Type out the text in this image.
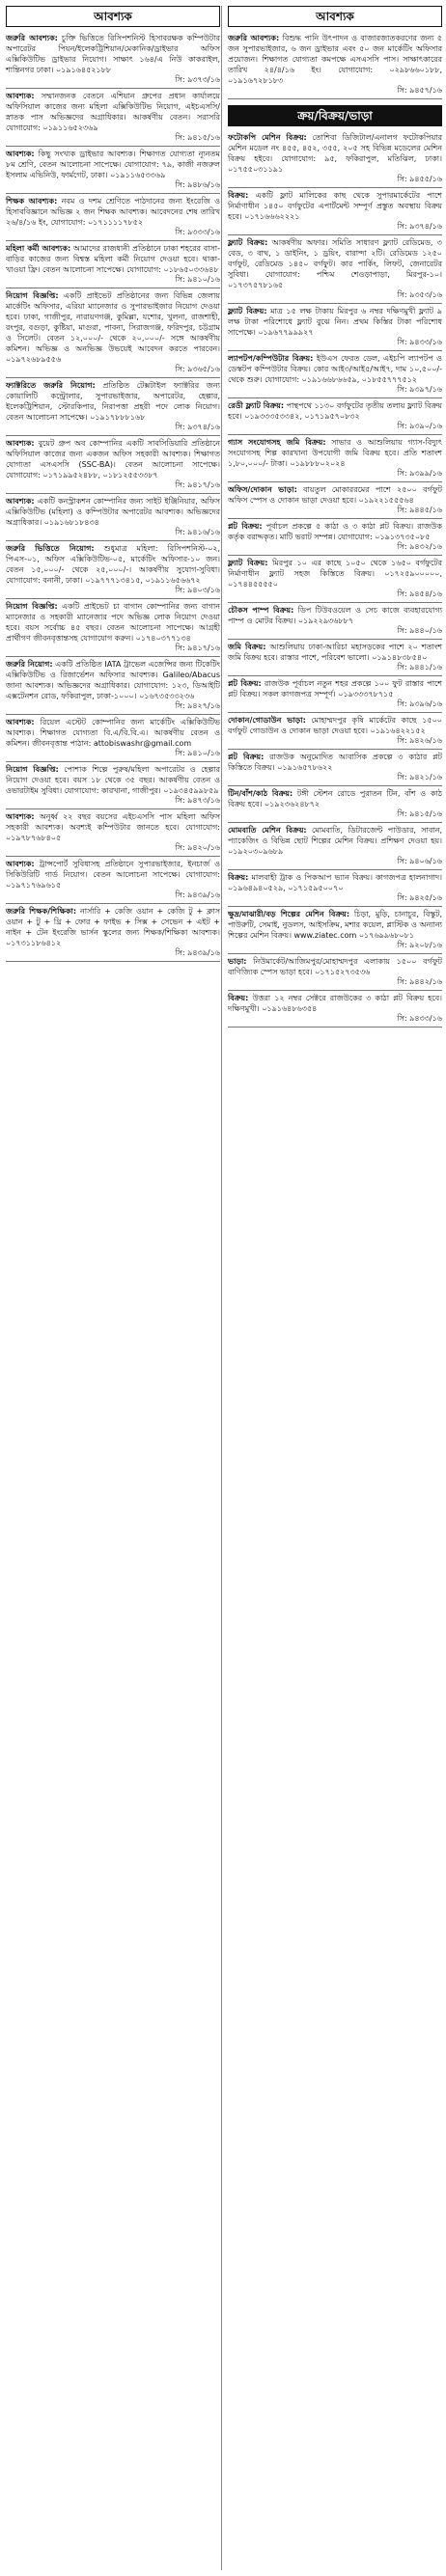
আবশ্যক
জরুরি আবশ্যক: চুক্তি ভিত্তিতে রিসিপশনিস্ট হিসাবরক্ষক কম্পিউটার অপারেটর পিয়ন/ইলেকট্রিশিয়ান/মেকানিক/ড্রাইভার অফিস এক্সিকিউটিভ ড্রাইভার নিয়োগ। সাক্ষাৎ ১৬৪/এ নিউ কাকরাইল, শান্তিনগর ঢাকা। ০১৯১৬৪৫২১৮৮
সি: ৯৩৭৩/১৬
আবশ্যক: সম্মানজনক বেতনে এশিয়ান গ্রুপের প্রধান কার্যালয়ে অফিসিয়াল কাজের জন্য মহিলা এক্সিকিউটিভ নিয়োগ, এইচএসসি/স্নাতক পাস অভিজ্ঞদের অগ্রাধিকার। আকর্ষণীয় বেতন। সরাসরি যোগাযোগ: ০১৯১১৬৫২৩৬৯
সি: ৯৪১৫/১৬
আবশ্যক: কিছু সংখ্যক ড্রাইভার আবশ্যক। শিক্ষাগত যোগ্যতা ন্যূনতম ৮ম শ্রেণি, বেতন আলোচনা সাপেক্ষে। যোগাযোগ: ৭৯, কাজী নজরুল ইসলাম এভিনিউ, ফার্মগেট, ঢাকা। ০১৯১১৬৫৩৩৬৯
সি: ৯৪৮৬/১৬
শিক্ষক আবশ্যক: নবম ও দশম শ্রেণিতে পাঠদানের জন্য ইংরেজি ও হিসাববিজ্ঞানে অভিজ্ঞ ২ জন শিক্ষক আবশ্যক। আবেদনের শেষ তারিখ ২৬/৪/১৬ ইং, যোগাযোগ: ০১৭১১১১৭৮৫২
সি: ৯৩৩৩/১৬
মহিলা কর্মী আবশ্যক: আমাদের রাজধানী প্রতিষ্ঠানে ঢাকা শহরের বাসা-বাড়ির কাজের জন্য বিশ্বস্ত মহিলা কর্মী নিয়োগ দেওয়া হবে। থাকা-খাওয়া ফ্রি। বেতন আলোচনা সাপেক্ষে। যোগাযোগ: ০১৮৬৫০৩৩৬৪৮
সি: ৯৪১০/১৬
নিয়োগ বিজ্ঞপ্তি: একটি প্রাইভেট প্রতিষ্ঠানের জন্য বিভিন্ন জেলায় মার্কেটিং অফিসার, এরিয়া ম্যানেজার ও সুপারভাইজার নিয়োগ দেওয়া হবে। ঢাকা, গাজীপুর, নারায়ণগঞ্জ, কুমিল্লা, যশোর, খুলনা, রাজশাহী, রংপুর, বগুড়া, কুষ্টিয়া, মাগুরা, পাবনা, সিরাজগঞ্জ, ফরিদপুর, চট্টগ্রাম ও সিলেট। বেতন ১২,০০০/- থেকে ২০,০০০/- সঙ্গে আকর্ষণীয় কমিশন। অভিজ্ঞ ও অনভিজ্ঞ উভয়েই আবেদন করতে পারবেন। ০১৯৭২৬৮৯৫৫৬
সি: ৯৩৬৫/১৬
ফ্যাক্টরিতে জরুরি নিয়োগ: প্রতিষ্ঠিত টেক্সটাইল ফ্যাক্টরির জন্য কোয়ালিটি কন্ট্রোলার, সুপারভাইজার, অপারেটর, হেল্পার, ইলেকট্রিশিয়ান, স্টোরকিপার, নিরাপত্তা প্রহরী পদে লোক নিয়োগ। বেতন আলোচনা সাপেক্ষে। ০১৯১৭৮৮৮১৬৮
সি: ৯৩৭৪/১৬
আবশ্যক: বুয়েট গ্রুপ অব কোম্পানির একটি সাবসিডিয়ারি প্রতিষ্ঠানে অফিসিয়াল কাজের জন্য একজন অফিস সহকারী আবশ্যক। শিক্ষাগত যোগ্যতা এসএসসি (SSC-BA)। বেতন আলোচনা সাপেক্ষে। যোগাযোগ: ০১৭১৯৯৫২৪৮৮, ০১৮১২৫৫৩৩৮৭
সি: ৯৪১৭/১৬
আবশ্যক: একটি কনস্ট্রাকশন কোম্পানির জন্য সাইট ইঞ্জিনিয়ার, অফিস এক্সিকিউটিভ (মহিলা) ও কম্পিউটার অপারেটর আবশ্যক। অভিজ্ঞদের অগ্রাধিকার। ০১৯১৬৮১৮৪৩৪
সি: ৯৪১৬/১৬
জরুরি ভিত্তিতে নিয়োগ: শুধুমাত্র মহিলা: রিসিপশনিস্ট-০২, পিএস-০১, অফিস এক্সিকিউটিভ-০৫, মার্কেটিং অফিসার-১০ জন। বেতন ১৫,০০০/- থেকে ২৫,০০০/-। আকর্ষণীয় সুযোগ-সুবিধা। যোগাযোগ: বনানী, ঢাকা। ০১৯৭৭৭১৩৪১৫, ০১৯১১৬৫৬৬৭২
সি: ৯৪০৩/১৬
নিয়োগ বিজ্ঞপ্তি: একটি প্রাইভেট চা বাগান কোম্পানির জন্য বাগান ম্যানেজার ও সহকারী ম্যানেজার পদে অভিজ্ঞ লোক নিয়োগ দেওয়া হবে। বয়স সর্বোচ্চ ৪৫ বছর। বেতন আলোচনা সাপেক্ষে। আগ্রহী প্রার্থীগণ জীবনবৃত্তান্তসহ যোগাযোগ করুন। ০১৭৪০৩৭৭১৩৪
সি: ৯৪১৭/১৬
জরুরি নিয়োগ: একটি প্রতিষ্ঠিত IATA ট্রাভেল এজেন্সির জন্য টিকেটিং এক্সিকিউটিভ ও রিজার্ভেশন অফিসার আবশ্যক। Galileo/Abacus জানা আবশ্যক। অভিজ্ঞদের অগ্রাধিকার। যোগাযোগ: ১২৩, ডিআইটি এক্সটেনশন রোড, ফকিরাপুল, ঢাকা-১০০০। ০১৬৭৩৫৩৩২৩৬
সি: ৯৪২৭/১৬
আবশ্যক: রিয়েল এস্টেট কোম্পানির জন্য মার্কেটিং এক্সিকিউটিভ আবশ্যক। শিক্ষাগত যোগ্যতা বি.এ/বি.বি.এ। আকর্ষণীয় বেতন ও কমিশন। জীবনবৃত্তান্ত পাঠান: attobiswashr@gmail.com
সি: ৯৪১০/১৬
নিয়োগ বিজ্ঞপ্তি: পোশাক শিল্পে পুরুষ/মহিলা অপারেটর ও হেল্পার নিয়োগ দেওয়া হবে। বয়স ১৮ থেকে ৩৫ বছর। আকর্ষণীয় বেতন ও ওভারটাইম সুবিধা। যোগাযোগ: কারখানা, গাজীপুর। ০১৯৩৪৫৯৯৮৫৯
সি: ৯৪৭৩/১৬
আবশ্যক: অনূর্ধ্ব ২২ বছর বয়সের এইচএসসি পাস মহিলা অফিস সহকারী আবশ্যক। অবশ্যই কম্পিউটার জানতে হবে। যোগাযোগ: ০১৯৭৮৭৬৮৪০৫
সি: ৯৪২০/১৬
আবশ্যক: ট্রান্সপোর্ট সুবিধাসহ প্রতিষ্ঠানে সুপারভাইজার, ইনচার্জ ও সিকিউরিটি গার্ড নিয়োগ। বেতন আলোচনা সাপেক্ষে। যোগাযোগ: ০১৯৭১৭৬৯৬১৫
সি: ৯৪৩৯/১৬
জরুরি শিক্ষক/শিক্ষিকা: নার্সারি + কেজি ওয়ান + কেজি টু + ক্লাস ওয়ান + টু + থ্রি + ফোর + ফাইভ + সিক্স + সেভেন + এইট + নাইন + টেন ইংরেজি ভার্সন স্কুলের জন্য শিক্ষক/শিক্ষিকা আবশ্যক। ০১৭৩১১৮৬৪১২
সি: ৯৪৩৯/১৬
আবশ্যক
জরুরি আবশ্যক: বিশুদ্ধ পানি উৎপাদন ও বাজারজাতকরণের জন্য ৫ জন সুপারভাইজার, ৬ জন ড্রাইভার এবং ৫০ জন মার্কেটিং অফিসার প্রয়োজন। শিক্ষাগত যোগ্যতা কমপক্ষে এসএসসি পাস। সাক্ষাৎকারের তারিখ ২৪/৪/১৬ ইং। যোগাযোগ: ০২৯৮৬৬০১৮৮, ০১৯১৬৭২৮১৮৩
সি: ৯৪৫৭/১৬
ক্রয়/বিক্রয়/ভাড়া
ফটোকপি মেশিন বিক্রয়: তোশিবা ডিজিটাল/এনালগ ফটোকপিয়ার মেশিন মডেল নং ৪৫৫, ৪৫২, ৩৫৫, ২০৫ সহ বিভিন্ন মডেলের মেশিন বিক্রয় হইবে। যোগাযোগ: ৯৫, ফকিরাপুল, মতিঝিল, ঢাকা। ০১৭৫৫০৩১১৯১
সি: ৯৪৫৫/১৬
বিক্রয়: একটি ফ্লাট মালিকের কাছ থেকে সুপারমার্কেটের পাশে নির্মাণাধীন ১৪৫০ বর্গফুটের এপার্টমেন্ট সম্পূর্ণ প্রস্তুত অবস্থায় বিক্রয় হবে। ০১৭১৬৬৬২২২১
সি: ৯৩৭৪/১৬
ফ্ল্যাট বিক্রয়: আকর্ষণীয় অফার। সমিতি সাধারণ ফ্ল্যাট রেডিমেড, ৩ বেড, ৩ বাথ, ১ ডাইনিং, ১ ড্রয়িং, বারান্দা ২টি। রেডিমেড ১২৫০ বর্গফুট, রেডিমেড ১৪৫০ বর্গফুট। কার পার্কিং, লিফট, জেনারেটর সুবিধা। যোগাযোগ: পশ্চিম শেওড়াপাড়া, মিরপুর-১০। ০১৭৩৭৫৭৮১৬৫
সি: ৯৩৫৩/১৬
ফ্ল্যাট বিক্রয়: মাত্র ১৫ লক্ষ টাকায় মিরপুর ৬ নম্বর দক্ষিণমুখী ফ্ল্যাট ৯ লক্ষ টাকা পরিশোধে ফ্ল্যাট বুঝে নিন। প্রথম কিস্তির টাকা পরিশোধ সাপেক্ষে। ০১৯৬৭৭৯৯৯২৭
সি: ৯৪৩৩/১৬
ল্যাপটপ/কম্পিউটার বিক্রয়: ইউএস ফেরত ডেল, এইচপি ল্যাপটপ ও ডেস্কটপ কম্পিউটার বিক্রয়। কোর আই৩/আই৫/আই৭, দাম ১০,৫০০/- থেকে শুরু। যোগাযোগ: ০১৯১৬৬৮৬৬৫৯, ০১৮৫৫৭৭৭৫১২
সি: ৯৩৯৭/১৬
রেডী ফ্ল্যাট বিক্রয়: পান্থপথে ১১৩০ বর্গফুটের তৃতীয় তলায় ফ্ল্যাট বিক্রয় হবে। ০১৯৩৩৩৫৩৩৪২, ০১৭১৯৫৭০৮৩২
সি: ৯৩৯০/১৬
গ্যাস সংযোগসহ জমি বিক্রয়: সাভার ও আশুলিয়ায় গ্যাস-বিদ্যুৎ সংযোগসহ শিল্প কারখানা উপযোগী জমি বিক্রয় হবে। প্রতি শতাংশ ১,৮০,০০০/- টাকা। ০১৯৮৮৮০২০২৪
সি: ৯৩৯৯/১৬
অফিস/দোকান ভাড়া: বায়তুল মোকাররমের পাশে ২৫০০ বর্গফুট অফিস স্পেস ও দোকান ভাড়া দেওয়া হবে। ০১৯২২১৫৫৫৬৪
সি: ৯৪৪৫/১৬
প্লট বিক্রয়: পূর্বাচল প্রকল্পে ৫ কাঠা ও ৩ কাঠা প্লট বিক্রয়। রাজউক কর্তৃক বরাদ্দকৃত। মাটি ভরাট সম্পন্ন। যোগাযোগ: ০১৯১৩৭৩৫০৮৫
সি: ৯৪৩২/১৬
ফ্ল্যাট বিক্রয়: মিরপুর ১০ এর কাছে ১০৫০ থেকে ১৬৫০ বর্গফুটের নির্মাণাধীন ফ্ল্যাট সহজ কিস্তিতে বিক্রয়। ০১৭২৫৯০০০০০, ০১৭৪৪৫৫৫৫০
সি: ৯৪৫৪/১৬
চৌকস পাম্প বিক্রয়: ডিপ টিউবওয়েল ও সেচ কাজে ব্যবহারযোগ্য পাম্প ও মোটর বিক্রয়। ০১৯২২৯৩৬৮৮৭
সি: ৯৪৪০/১৬
জমি বিক্রয়: আশুলিয়ায় ঢাকা-আরিচা মহাসড়কের পাশে ২০ শতাংশ জমি বিক্রয় হবে। রাস্তার পাশে, পরিবেশ ভালো। ০১৯১৪৮৩৮৫৪০
সি: ৯৪৪১/১৬
প্লট বিক্রয়: রাজউক পূর্বাচল নতুন শহর প্রকল্পে ১০০ ফুট রাস্তার পাশে প্লট বিক্রয়। সকল কাগজপত্র সম্পূর্ণ। ০১৯৩৩৩৭৮৭১৫
সি: ৯৩৯৬/১৬
দোকান/গোডাউন ভাড়া: মোহাম্মদপুর কৃষি মার্কেটের কাছে ১৫০০ বর্গফুট গোডাউন ও দোকান ভাড়া দেওয়া হবে। ০১৯১৬৪২২১৫২
সি: ৯৪২৬/১৬
প্লট বিক্রয়: রাজউক অনুমোদিত আবাসিক প্রকল্পে ৩ কাঠার প্লট কিস্তিতে বিক্রয়। ০১৯১৬৫৭৮৬২২
সি: ৯৪২১/১৬
টিন/বাঁশ/কাঠ বিক্রয়: টঙ্গী স্টেশন রোডে পুরাতন টিন, বাঁশ ও কাঠ বিক্রয় হবে। ০১৯২৩৬২৪৮৭২
সি: ৯৪১৫/১৬
মোমবাতি মেশিন বিক্রয়: মোমবাতি, ডিটারজেন্ট পাউডার, সাবান, প্যাকেজিং ও বিভিন্ন ছোট শিল্পের মেশিন বিক্রয়। প্রশিক্ষণ দেওয়া হয়। ০১৯২০৩০৯৬৮৯
সি: ৯৪০৬/১৬
বিক্রয়: মালবাহী ট্রাক ও পিকআপ ভ্যান বিক্রয়। কাগজপত্র হালনাগাদ। ০১৯৬৪৯৪০৫২৯, ০১৭১৫৯৫০০৭০
সি: ৯৪২৫/১৬
ক্ষুদ্র/মাঝারী/বড় শিল্পের মেশিন বিক্রয়: চিড়া, মুড়ি, চানাচুর, বিস্কুট, পাউরুটি, সেমাই, নুডলস, আইসক্রিম, মশার কয়েল, প্লাস্টিক ও অন্যান্য শিল্পের মেশিন বিক্রয়। www.ziatec.com ০১৭৬৯৯৬৮০৮১
সি: ৯২০৮/১৬
ভাড়া: নিউমার্কেট/আজিমপুর/মোহাম্মদপুর এলাকায় ১৫০০ বর্গফুট বাণিজ্যিক স্পেস ভাড়া হবে। ০১৭১৫২৭৩৫৩৬
সি: ৯৪৪২/১৬
বিক্রয়: উত্তরা ১২ নম্বর সেক্টরে রাজউকের ৩ কাঠা প্লট বিক্রয় হবে। দক্ষিণমুখী। ০১৯১৬৪৮৬৩৫৪
সি: ৯৪৩৩/১৬
